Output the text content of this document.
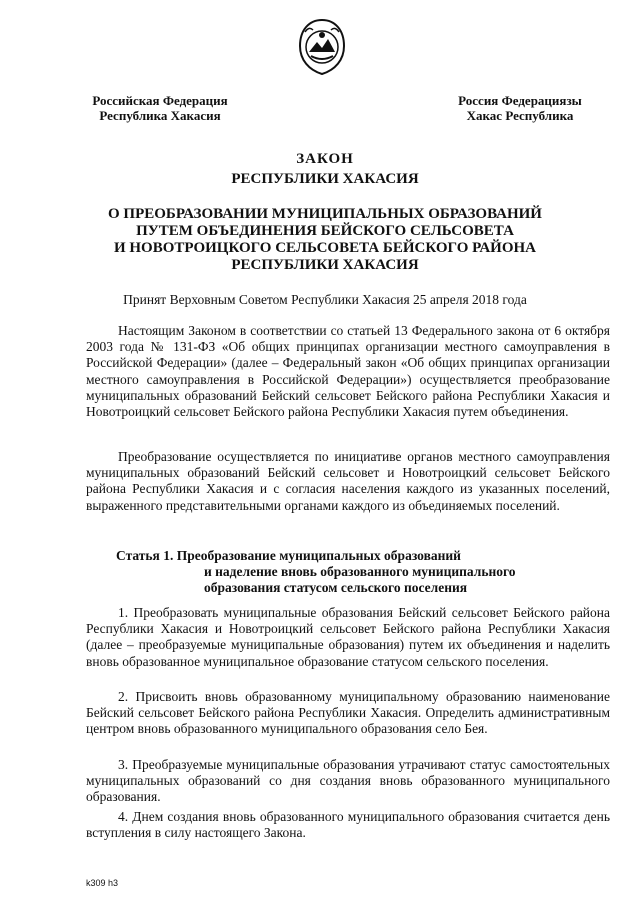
Российская Федерация
Республика Хакасия
Россия Федерациязы
Хакас Республика
ЗАКОН
РЕСПУБЛИКИ ХАКАСИЯ
О ПРЕОБРАЗОВАНИИ МУНИЦИПАЛЬНЫХ ОБРАЗОВАНИЙ
ПУТЕМ ОБЪЕДИНЕНИЯ БЕЙСКОГО СЕЛЬСОВЕТА
И НОВОТРОИЦКОГО СЕЛЬСОВЕТА БЕЙСКОГО РАЙОНА
РЕСПУБЛИКИ ХАКАСИЯ
Принят Верховным Советом Республики Хакасия 25 апреля 2018 года

Настоящим Законом в соответствии со статьей 13 Федерального закона от 6 октября 2003 года № 131-ФЗ «Об общих принципах организации местного самоуправления в Российской Федерации» (далее – Федеральный закон «Об общих принципах организации местного самоуправления в Российской Федерации») осуществляется преобразование муниципальных образований Бейский сельсовет Бейского района Республики Хакасия и Новотроицкий сельсовет Бейского района Республики Хакасия путем объединения.

Преобразование осуществляется по инициативе органов местного самоуправления муниципальных образований Бейский сельсовет и Новотроицкий сельсовет Бейского района Республики Хакасия и с согласия населения каждого из указанных поселений, выраженного представительными органами каждого из объединяемых поселений.

Статья 1. Преобразование муниципальных образований
и наделение вновь образованного муниципального
образования статусом сельского поселения

1. Преобразовать муниципальные образования Бейский сельсовет Бейского района Республики Хакасия и Новотроицкий сельсовет Бейского района Республики Хакасия (далее – преобразуемые муниципальные образования) путем их объединения и наделить вновь образованное муниципальное образование статусом сельского поселения.

2. Присвоить вновь образованному муниципальному образованию наименование Бейский сельсовет Бейского района Республики Хакасия. Определить административным центром вновь образованного муниципального образования село Бея.

3. Преобразуемые муниципальные образования утрачивают статус самостоятельных муниципальных образований со дня создания вновь образованного муниципального образования.

4. Днем создания вновь образованного муниципального образования считается день вступления в силу настоящего Закона.

k309 h3
